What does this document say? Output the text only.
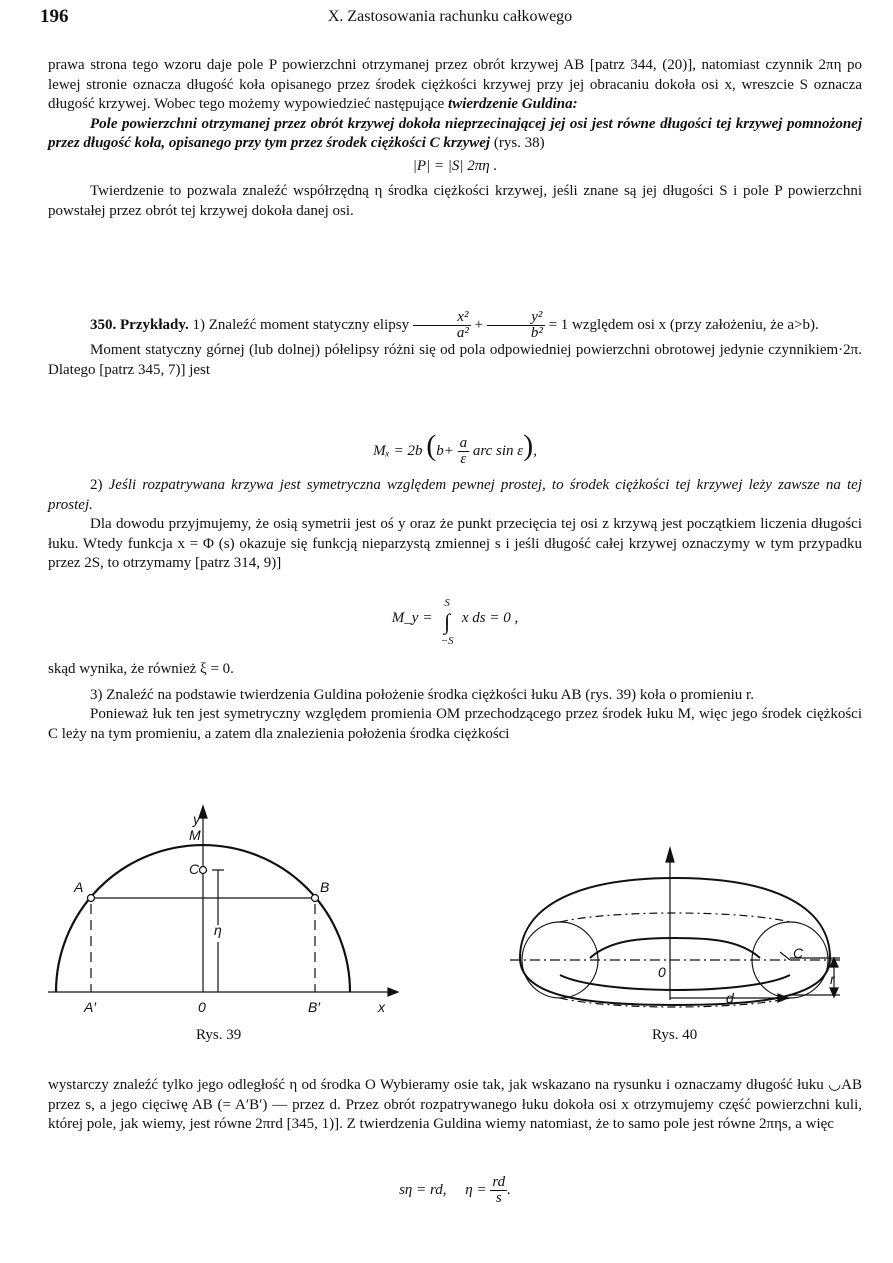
196	X. Zastosowania rachunku całkowego

prawa strona tego wzoru daje pole P powierzchni otrzymanej przez obrót krzywej AB [patrz 344, (20)], natomiast czynnik 2πη po lewej stronie oznacza długość koła opisanego przez środek ciężkości krzywej przy jej obracaniu dokoła osi x, wreszcie S oznacza długość krzywej. Wobec tego możemy wypowiedzieć następujące twierdzenie Guldina:

Pole powierzchni otrzymanej przez obrót krzywej dokoła nieprzecinającej jej osi jest równe długości tej krzywej pomnożonej przez długość koła, opisanego przy tym przez środek ciężkości C krzywej (rys. 38)

|P| = |S| 2πη .

Twierdzenie to pozwala znaleźć współrzędną η środka ciężkości krzywej, jeśli znane są jej długości S i pole P powierzchni powstałej przez obrót tej krzywej dokoła danej osi.

350. Przykłady. 1) Znaleźć moment statyczny elipsy $\frac{\text{x²}}{\text{a²}} + \frac{\text{y²}}{\text{b²}} = 1$ względem osi x (przy założeniu, że a>b).

Moment statyczny górnej (lub dolnej) półelipsy różni się od pola odpowiedniej powierzchni obrotowej jedynie czynnikiem·2π. Dlatego [patrz 345, 7)] jest

Mₓ = 2b ($b+ \frac{a}{\varepsilon}$ arc sin ε),

2) Jeśli rozpatrywana krzywa jest symetryczna względem pewnej prostej, to środek ciężkości tej krzywej leży zawsze na tej prostej.

Dla dowodu przyjmujemy, że osią symetrii jest oś y oraz że punkt przecięcia tej osi z krzywą jest początkiem liczenia długości łuku. Wtedy funkcja x = Φ (s) okazuje się funkcją nieparzystą zmiennej s i jeśli długość całej krzywej oznaczymy w tym przypadku przez 2S, to otrzymamy [patrz 314, 9)]

M_y =
S
∫
−S
x ds = 0 ,

skąd wynika, że również ξ = 0.

3) Znaleźć na podstawie twierdzenia Guldina położenie środka ciężkości łuku AB (rys. 39) koła o promieniu r.

Ponieważ łuk ten jest symetryczny względem promienia OM przechodzącego przez środek łuku M, więc jego środek ciężkości C leży na tym promieniu, a zatem dla znalezienia położenia środka ciężkości

y
M
C
A	B
η
A′	0	B′	x
Rys. 39
0
C
r
d
Rys. 40

wystarczy znaleźć tylko jego odległość η od środka O Wybieramy osie tak, jak wskazano na rysunku i oznaczamy długość łuku ◡AB przez s, a jego cięciwę AB (= A′B′) — przez d. Przez obrót rozpatrywanego łuku dokoła osi x otrzymujemy część powierzchni kuli, której pole, jak wiemy, jest równe 2πrd [345, 1)]. Z twierdzenia Guldina wiemy natomiast, że to samo pole jest równe 2πηs, a więc

sη = rd, $\eta = \frac{rd}{s}$ .
